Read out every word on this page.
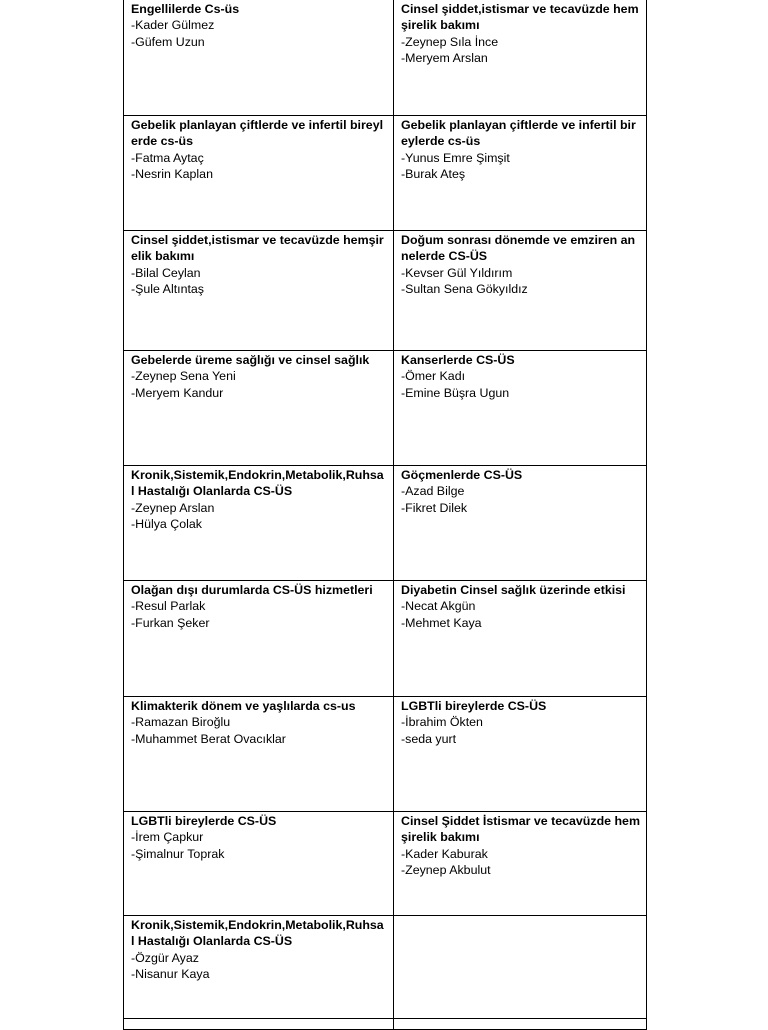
Engellilerde Cs-üs
-Kader Gülmez
-Güfem Uzun
Cinsel şiddet,istismar ve tecavüzde hemşirelik bakımı
-Zeynep Sıla İnce
-Meryem Arslan
Gebelik planlayan çiftlerde ve infertil bireylerde cs-üs
-Fatma Aytaç
-Nesrin Kaplan
Gebelik planlayan çiftlerde ve infertil bireylerde cs-üs
-Yunus Emre Şimşit
-Burak Ateş
Cinsel şiddet,istismar ve tecavüzde hemşirelik bakımı
-Bilal Ceylan
-Şule Altıntaş
Doğum sonrası dönemde ve emziren annelerde CS-ÜS
-Kevser Gül Yıldırım
-Sultan Sena Gökyıldız
Gebelerde üreme sağlığı ve cinsel sağlık
-Zeynep Sena Yeni
-Meryem Kandur
Kanserlerde CS-ÜS
-Ömer Kadı
-Emine Büşra Ugun
Kronik,Sistemik,Endokrin,Metabolik,Ruhsal Hastalığı Olanlarda CS-ÜS
-Zeynep Arslan
-Hülya Çolak
Göçmenlerde CS-ÜS
-Azad Bilge
-Fikret Dilek
Olağan dışı durumlarda CS-ÜS hizmetleri
-Resul Parlak
-Furkan Şeker
Diyabetin Cinsel sağlık üzerinde etkisi
-Necat Akgün
-Mehmet Kaya
Klimakterik dönem ve yaşlılarda cs-us
-Ramazan Biroğlu
-Muhammet Berat Ovacıklar
LGBTli bireylerde CS-ÜS
-İbrahim Ökten
-seda yurt
LGBTli bireylerde CS-ÜS
-İrem Çapkur
-Şimalnur Toprak
Cinsel Şiddet İstismar ve tecavüzde hemşirelik bakımı
-Kader Kaburak
-Zeynep Akbulut
Kronik,Sistemik,Endokrin,Metabolik,Ruhsal Hastalığı Olanlarda CS-ÜS
-Özgür Ayaz
-Nisanur Kaya
